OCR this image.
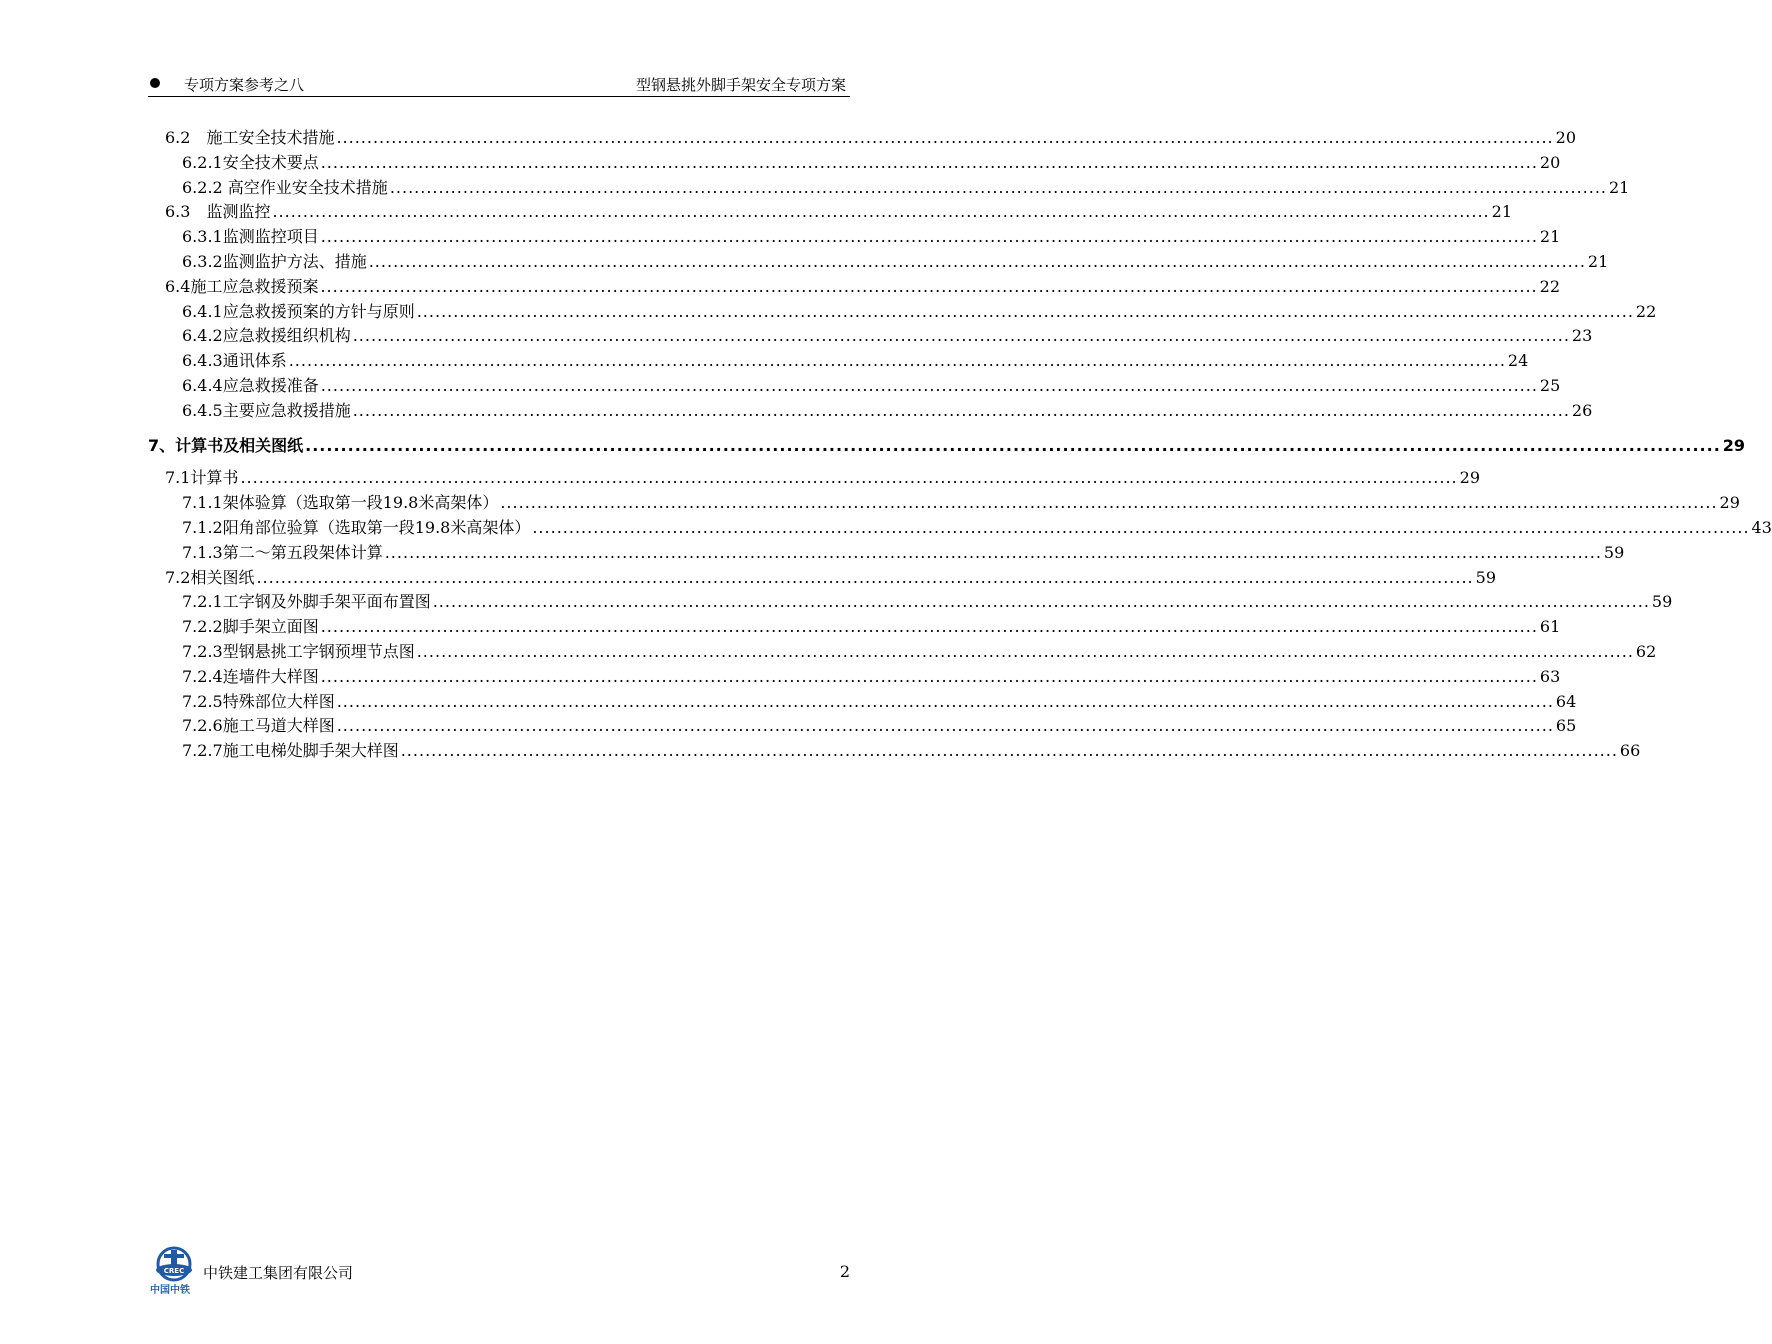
专项方案参考之八	型钢悬挑外脚手架安全专项方案
6.2　施工安全技术措施 ........................................................................................................................................................................................................ 20
6.2.1安全技术要点 ........................................................................................................................................................................................................ 20
6.2.2 高空作业安全技术措施 ........................................................................................................................................................................................................ 21
6.3　监测监控 ........................................................................................................................................................................................................ 21
6.3.1监测监控项目 ........................................................................................................................................................................................................ 21
6.3.2监测监护方法、措施 ........................................................................................................................................................................................................ 21
6.4施工应急救援预案 ........................................................................................................................................................................................................ 22
6.4.1应急救援预案的方针与原则 ........................................................................................................................................................................................................ 22
6.4.2应急救援组织机构 ........................................................................................................................................................................................................ 23
6.4.3通讯体系 ........................................................................................................................................................................................................ 24
6.4.4应急救援准备 ........................................................................................................................................................................................................ 25
6.4.5主要应急救援措施 ........................................................................................................................................................................................................ 26
7、计算书及相关图纸 ........................................................................................................................................................................................................ 29
7.1计算书 ........................................................................................................................................................................................................ 29
7.1.1架体验算（选取第一段19.8米高架体） ........................................................................................................................................................................................................ 29
7.1.2阳角部位验算（选取第一段19.8米高架体） ........................................................................................................................................................................................................ 43
7.1.3第二～第五段架体计算 ........................................................................................................................................................................................................ 59
7.2相关图纸 ........................................................................................................................................................................................................ 59
7.2.1工字钢及外脚手架平面布置图 ........................................................................................................................................................................................................ 59
7.2.2脚手架立面图 ........................................................................................................................................................................................................ 61
7.2.3型钢悬挑工字钢预埋节点图 ........................................................................................................................................................................................................ 62
7.2.4连墙件大样图 ........................................................................................................................................................................................................ 63
7.2.5特殊部位大样图 ........................................................................................................................................................................................................ 64
7.2.6施工马道大样图 ........................................................................................................................................................................................................ 65
7.2.7施工电梯处脚手架大样图 ........................................................................................................................................................................................................ 66
CREC
中国中铁
中铁建工集团有限公司	2
